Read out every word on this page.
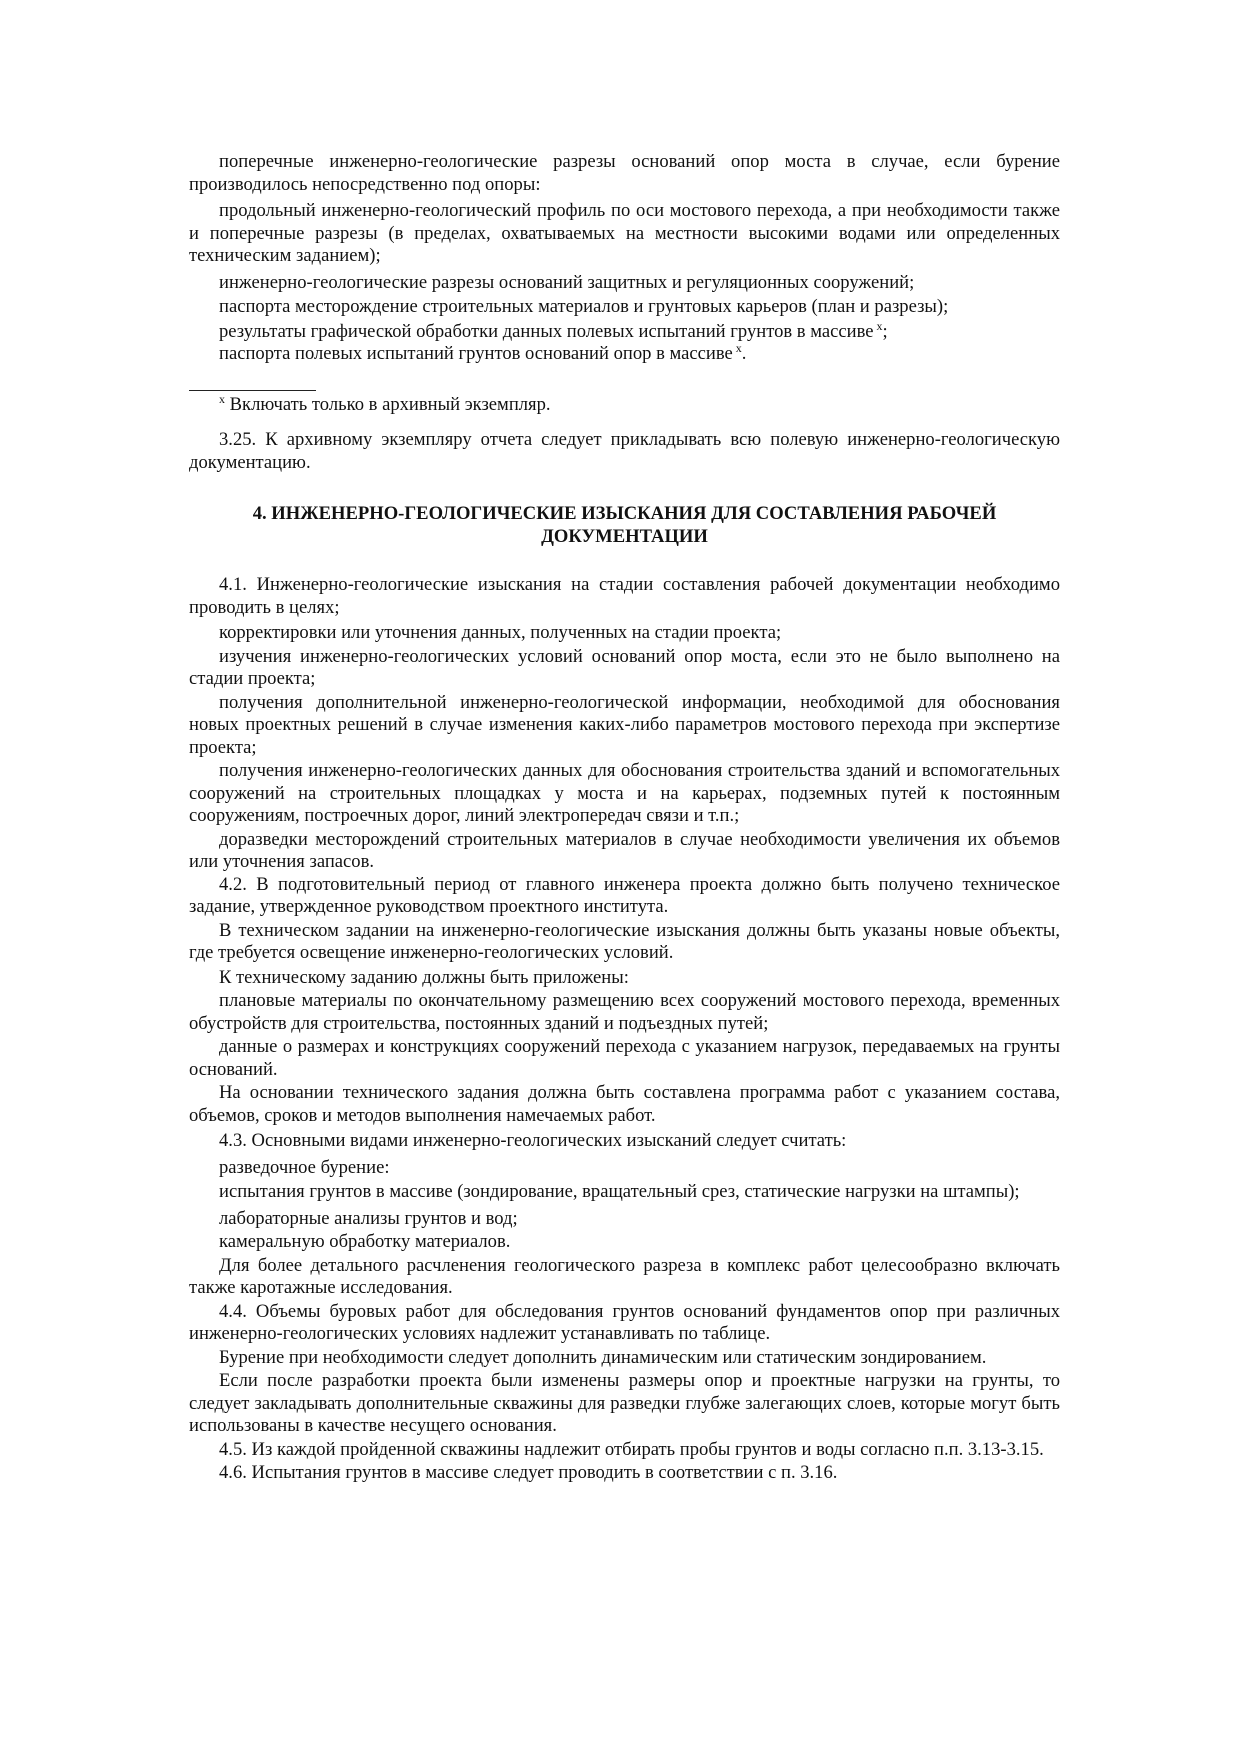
поперечные инженерно-геологические разрезы оснований опор моста в случае, если бурение производилось непосредственно под опоры:

продольный инженерно-геологический профиль по оси мостового перехода, а при необходимости также и поперечные разрезы (в пределах, охватываемых на местности высокими водами или определенных техническим заданием);

инженерно-геологические разрезы оснований защитных и регуляционных сооружений;

паспорта месторождение строительных материалов и грунтовых карьеров (план и разрезы);

результаты графической обработки данных полевых испытаний грунтов в массиве $^x$;

паспорта полевых испытаний грунтов оснований опор в массиве $^x$.

$^x$ Включать только в архивный экземпляр.

3.25. К архивному экземпляру отчета следует прикладывать всю полевую инженерно-геологическую документацию.

4. ИНЖЕНЕРНО-ГЕОЛОГИЧЕСКИЕ ИЗЫСКАНИЯ ДЛЯ СОСТАВЛЕНИЯ РАБОЧЕЙ
ДОКУМЕНТАЦИИ

4.1. Инженерно-геологические изыскания на стадии составления рабочей документации необходимо проводить в целях;

корректировки или уточнения данных, полученных на стадии проекта;

изучения инженерно-геологических условий оснований опор моста, если это не было выполнено на стадии проекта;

получения дополнительной инженерно-геологической информации, необходимой для обоснования новых проектных решений в случае изменения каких-либо параметров мостового перехода при экспертизе проекта;

получения инженерно-геологических данных для обоснования строительства зданий и вспомогательных сооружений на строительных площадках у моста и на карьерах, подземных путей к постоянным сооружениям, построечных дорог, линий электропередач связи и т.п.;

доразведки месторождений строительных материалов в случае необходимости увеличения их объемов или уточнения запасов.

4.2. В подготовительный период от главного инженера проекта должно быть получено техническое задание, утвержденное руководством проектного института.

В техническом задании на инженерно-геологические изыскания должны быть указаны новые объекты, где требуется освещение инженерно-геологических условий.

К техническому заданию должны быть приложены:

плановые материалы по окончательному размещению всех сооружений мостового перехода, временных обустройств для строительства, постоянных зданий и подъездных путей;

данные о размерах и конструкциях сооружений перехода с указанием нагрузок, передаваемых на грунты оснований.

На основании технического задания должна быть составлена программа работ с указанием состава, объемов, сроков и методов выполнения намечаемых работ.

4.3. Основными видами инженерно-геологических изысканий следует считать:

разведочное бурение:

испытания грунтов в массиве (зондирование, вращательный срез, статические нагрузки на штампы);

лабораторные анализы грунтов и вод;

камеральную обработку материалов.

Для более детального расчленения геологического разреза в комплекс работ целесообразно включать также каротажные исследования.

4.4. Объемы буровых работ для обследования грунтов оснований фундаментов опор при различных инженерно-геологических условиях надлежит устанавливать по таблице.

Бурение при необходимости следует дополнить динамическим или статическим зондированием.

Если после разработки проекта были изменены размеры опор и проектные нагрузки на грунты, то следует закладывать дополнительные скважины для разведки глубже залегающих слоев, которые могут быть использованы в качестве несущего основания.

4.5. Из каждой пройденной скважины надлежит отбирать пробы грунтов и воды согласно п.п. 3.13-3.15.

4.6. Испытания грунтов в массиве следует проводить в соответствии с п. 3.16.
